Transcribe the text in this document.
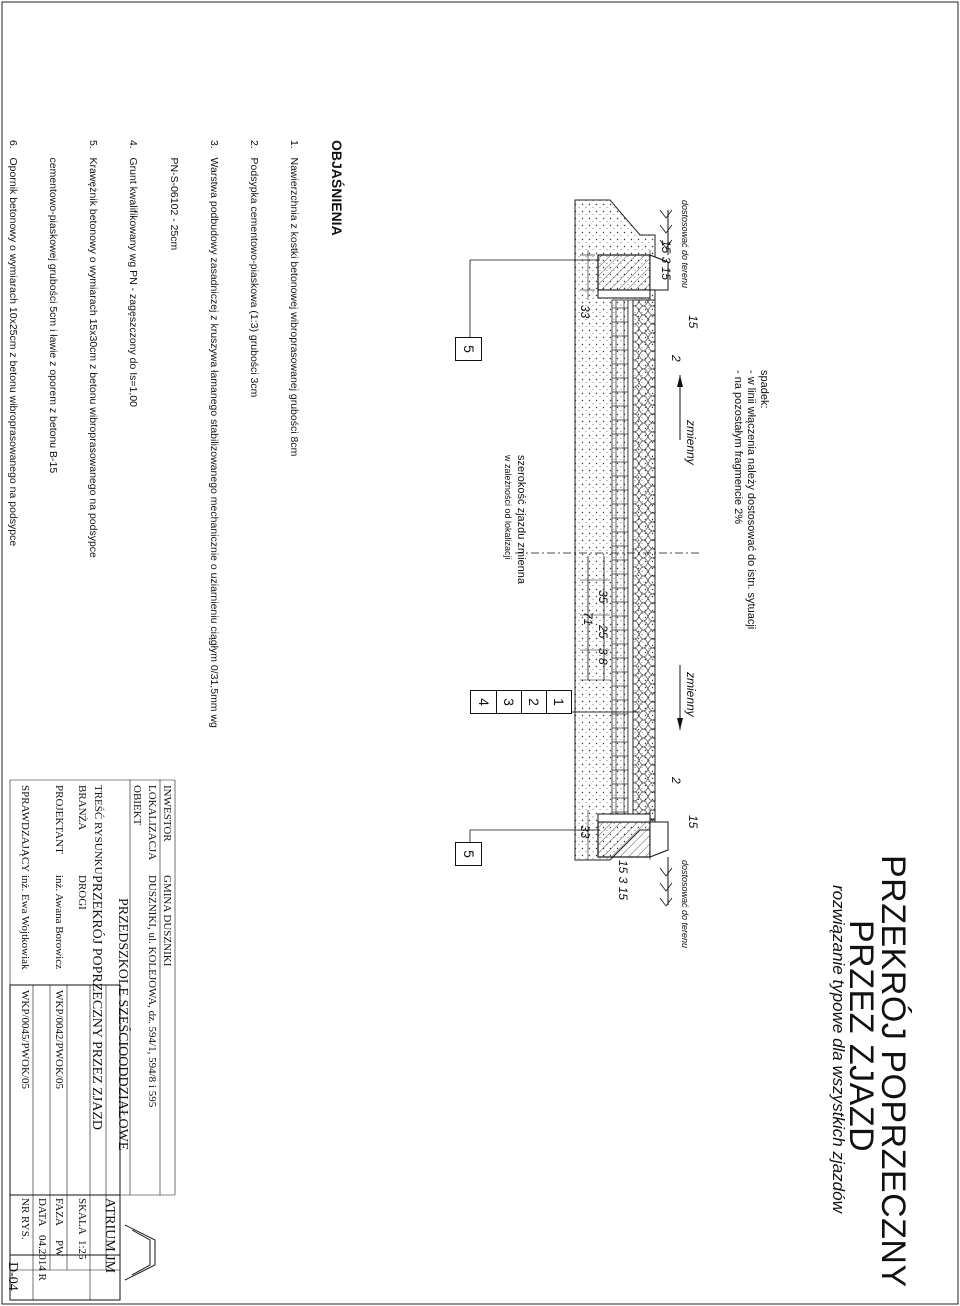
PRZEKRÓJ POPRZECZNY
PRZEZ ZJAZD
rozwiązanie typowe dla wszystkich zjazdów
spadek:
- w linii włączenia należy dostosować do istn. sytuacji
- na pozostałym fragmencie 2%
dostosować do terenu
dostosować do terenu
zmienny
zmienny
szerokość zjazdu zmienna
w zależności od lokalizacji
2
2
15
15
15 3 15
15 3 15
33
33
35
25
3 8
71
5
5
1
2
3
4
OBJAŚNIENIA

1.   Nawierzchnia z kostki betonowej wibroprasowanej grubości 8cm

2.   Podsypka cementowo-piaskowa (1:3) grubości 3cm

3.   Warstwa podbudowy zasadniczej z kruszywa łamanego stabilizowanego mechanicznie o uziarnieniu ciągłym 0/31,5mm wg

PN-S-06102 - 25cm

4.   Grunt kwalifikowany wg PN - zagęszczony do Is=1,00

5.   Krawężnik betonowy o wymiarach 15x30cm z betonu wibroprasowanego na podsypce

cementowo-piaskowej grubości 5cm i ławie z oporem z betonu B-15

6.   Opornik betonowy o wymiarach 10x25cm z betonu wibroprasowanego na podsypce

INWESTOR
GMINA DUSZNIKI
LOKALIZACJA
DUSZNIKI, ul. KOLEJOWA, dz. 594/1, 594/8 i 595
OBIEKT
PRZEDSZKOLE SZEŚCIOODDZIAŁOWE
TREŚĆ RYSUNKU
PRZEKRÓJ POPRZECZNY PRZEZ ZJAZD
BRANŻA
DROGI
PROJEKTANT
inż. Awana Borowicz
WKP/0042/PWOK/05
SPRAWDZAJĄCY
inż. Ewa Wojtkowiak
WKP/0045/PWOK/05
ATRIUM JM
SKALA
1:25
FAZA
PW
DATA
04.2014 R
NR RYS.
D-04
